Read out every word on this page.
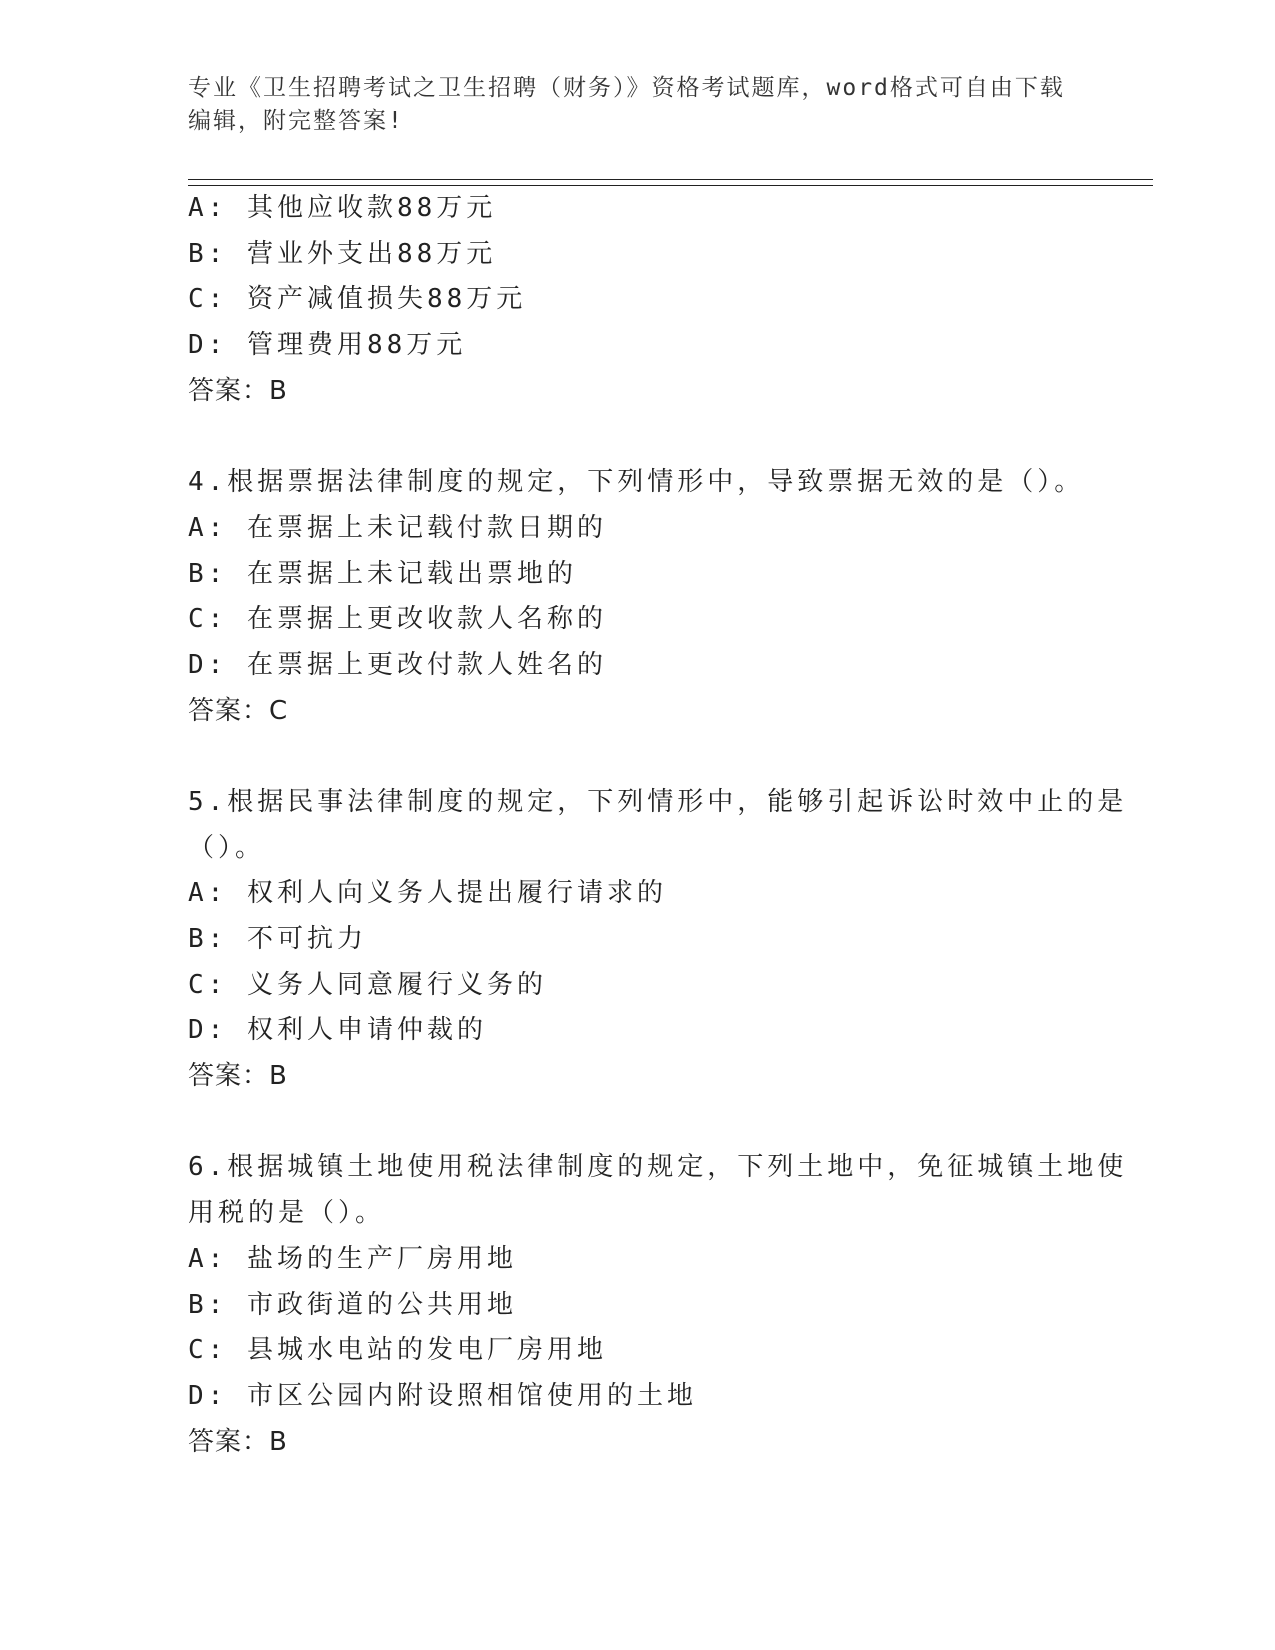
专业《卫生招聘考试之卫生招聘（财务）》资格考试题库，word格式可自由下载编辑，附完整答案!
A: 其他应收款88万元
B: 营业外支出88万元
C: 资产减值损失88万元
D: 管理费用88万元
答案：B
4.根据票据法律制度的规定，下列情形中，导致票据无效的是（）。
A: 在票据上未记载付款日期的
B: 在票据上未记载出票地的
C: 在票据上更改收款人名称的
D: 在票据上更改付款人姓名的
答案：C
5.根据民事法律制度的规定，下列情形中，能够引起诉讼时效中止的是（）。
A: 权利人向义务人提出履行请求的
B: 不可抗力
C: 义务人同意履行义务的
D: 权利人申请仲裁的
答案：B
6.根据城镇土地使用税法律制度的规定，下列土地中，免征城镇土地使用税的是（）。
A: 盐场的生产厂房用地
B: 市政街道的公共用地
C: 县城水电站的发电厂房用地
D: 市区公园内附设照相馆使用的土地
答案：B
